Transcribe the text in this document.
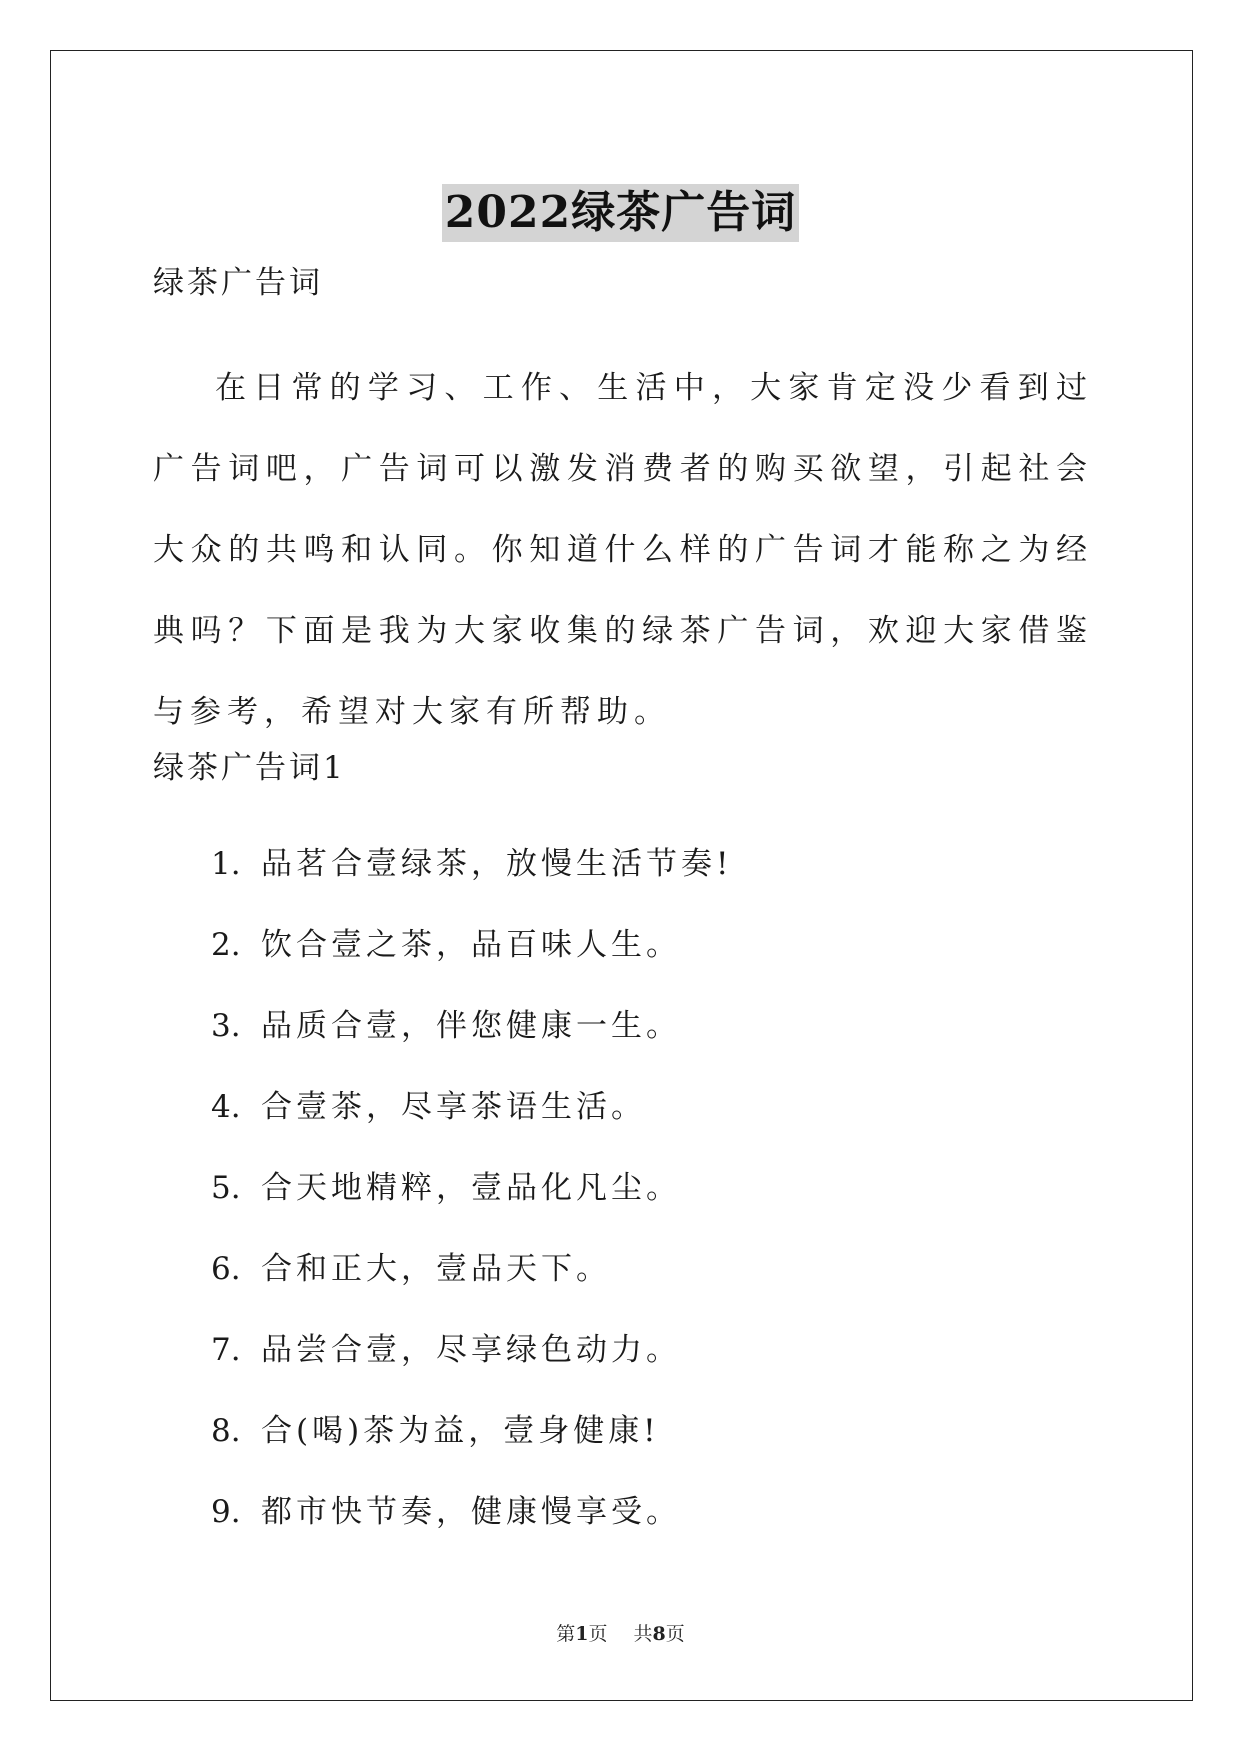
2022绿茶广告词
绿茶广告词

在日常的学习、工作、生活中，大家肯定没少看到过广告词吧，广告词可以激发消费者的购买欲望，引起社会大众的共鸣和认同。你知道什么样的广告词才能称之为经典吗？下面是我为大家收集的绿茶广告词，欢迎大家借鉴与参考，希望对大家有所帮助。

绿茶广告词1
1. 品茗合壹绿茶，放慢生活节奏!
2. 饮合壹之茶，品百味人生。
3. 品质合壹，伴您健康一生。
4. 合壹茶，尽享茶语生活。
5. 合天地精粹，壹品化凡尘。
6. 合和正大，壹品天下。
7. 品尝合壹，尽享绿色动力。
8. 合(喝)茶为益，壹身健康!
9. 都市快节奏，健康慢享受。
第1页 共8页
